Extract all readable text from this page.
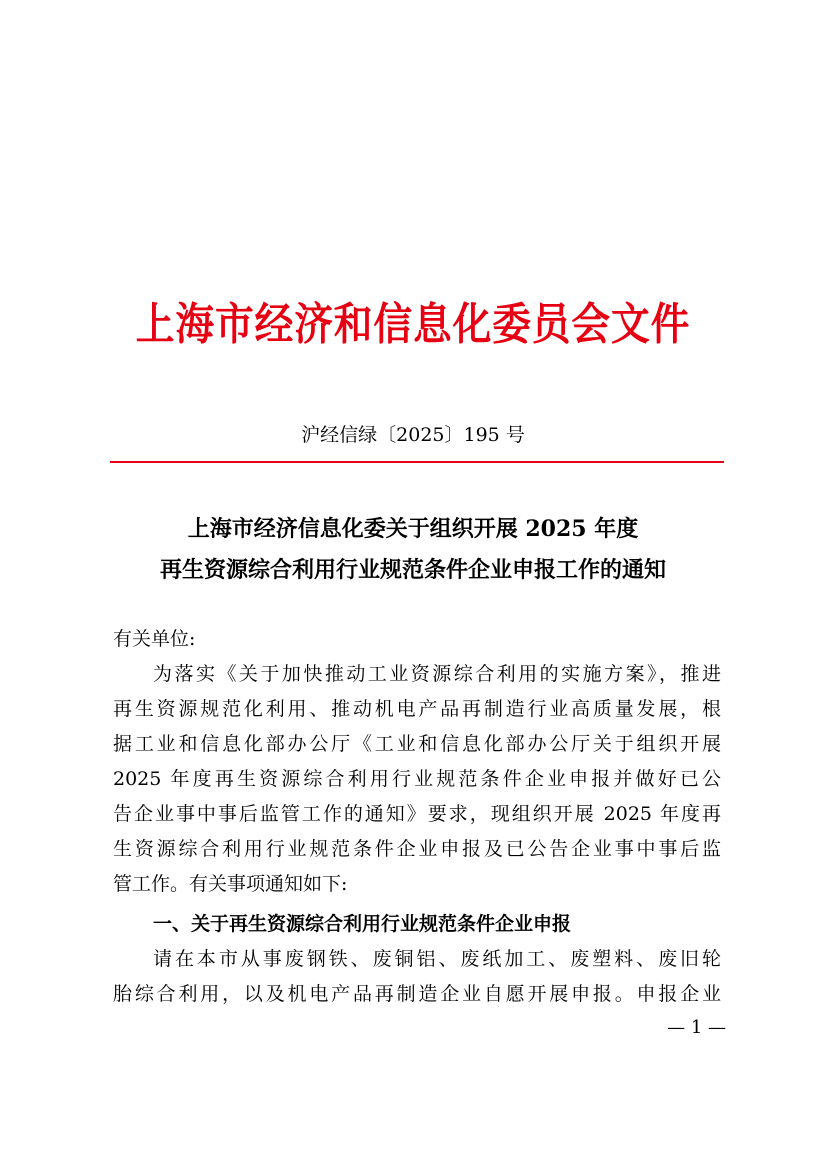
上海市经济和信息化委员会文件
沪经信绿〔2025〕195 号
上海市经济信息化委关于组织开展 2025 年度
再生资源综合利用行业规范条件企业申报工作的通知
有关单位:
为落实《关于加快推动工业资源综合利用的实施方案》，推进
再生资源规范化利用、推动机电产品再制造行业高质量发展，根
据工业和信息化部办公厅《工业和信息化部办公厅关于组织开展
2025 年度再生资源综合利用行业规范条件企业申报并做好已公
告企业事中事后监管工作的通知》要求，现组织开展 2025 年度再
生资源综合利用行业规范条件企业申报及已公告企业事中事后监
管工作。有关事项通知如下:
一、关于再生资源综合利用行业规范条件企业申报
请在本市从事废钢铁、废铜铝、废纸加工、废塑料、废旧轮
胎综合利用，以及机电产品再制造企业自愿开展申报。申报企业
— 1 —
